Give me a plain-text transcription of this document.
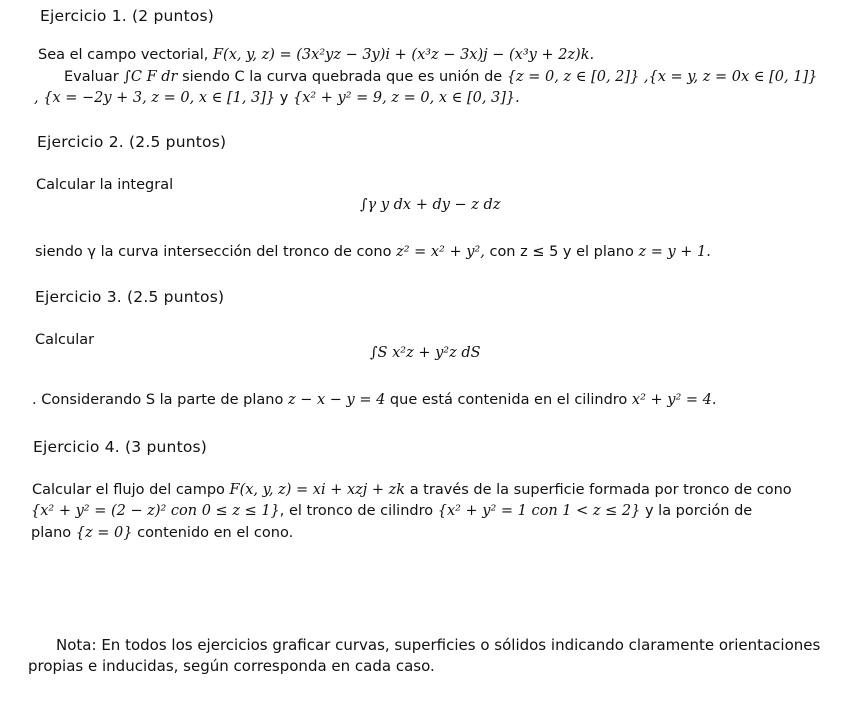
Ejercicio 1. (2 puntos)
Sea el campo vectorial, F(x, y, z) = (3x²yz − 3y)i + (x³z − 3x)j − (x³y + 2z)k.
Evaluar ∫C F dr siendo C la curva quebrada que es unión de {z = 0, z ∈ [0, 2]} ,{x = y, z = 0x ∈ [0, 1]}
, {x = −2y + 3, z = 0, x ∈ [1, 3]} y {x² + y² = 9, z = 0, x ∈ [0, 3]}.
Ejercicio 2. (2.5 puntos)
Calcular la integral
∫γ y dx + dy − z dz
siendo γ la curva intersección del tronco de cono z² = x² + y², con z ≤ 5 y el plano z = y + 1.
Ejercicio 3. (2.5 puntos)
Calcular
∫S x²z + y²z dS
. Considerando S la parte de plano z − x − y = 4 que está contenida en el cilindro x² + y² = 4.
Ejercicio 4. (3 puntos)
Calcular el flujo del campo F(x, y, z) = xi + xzj + zk a través de la superficie formada por tronco de cono
{x² + y² = (2 − z)² con 0 ≤ z ≤ 1}, el tronco de cilindro {x² + y² = 1 con 1 < z ≤ 2} y la porción de
plano {z = 0} contenido en el cono.
Nota: En todos los ejercicios graficar curvas, superficies o sólidos indicando claramente orientaciones
propias e inducidas, según corresponda en cada caso.
